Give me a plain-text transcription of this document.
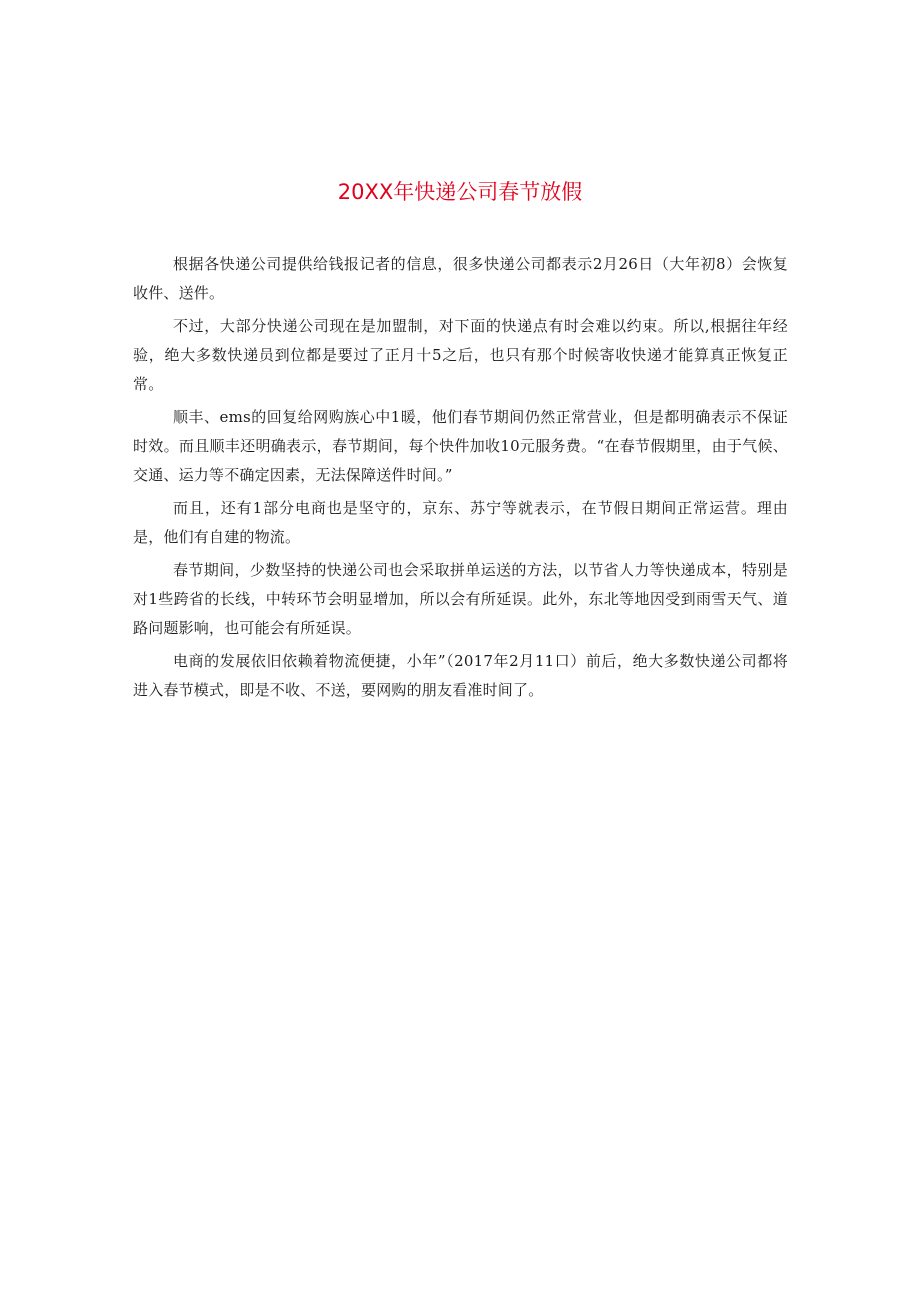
20XX年快递公司春节放假

根据各快递公司提供给钱报记者的信息，很多快递公司都表示2月26日（大年初8）会恢复收件、送件。

不过，大部分快递公司现在是加盟制，对下面的快递点有时会难以约束。所以,根据往年经验，绝大多数快递员到位都是要过了正月十5之后，也只有那个时候寄收快递才能算真正恢复正常。

顺丰、ems的回复给网购族心中1暖，他们春节期间仍然正常营业，但是都明确表示不保证时效。而且顺丰还明确表示，春节期间，每个快件加收10元服务费。“在春节假期里，由于气候、交通、运力等不确定因素，无法保障送件时间。”

而且，还有1部分电商也是坚守的，京东、苏宁等就表示，在节假日期间正常运营。理由是，他们有自建的物流。

春节期间，少数坚持的快递公司也会采取拼单运送的方法，以节省人力等快递成本，特别是对1些跨省的长线，中转环节会明显增加，所以会有所延误。此外，东北等地因受到雨雪天气、道路问题影响，也可能会有所延误。

电商的发展依旧依赖着物流便捷，小年”（2017年2月11口）前后，绝大多数快递公司都将进入春节模式，即是不收、不送，要网购的朋友看准时间了。
